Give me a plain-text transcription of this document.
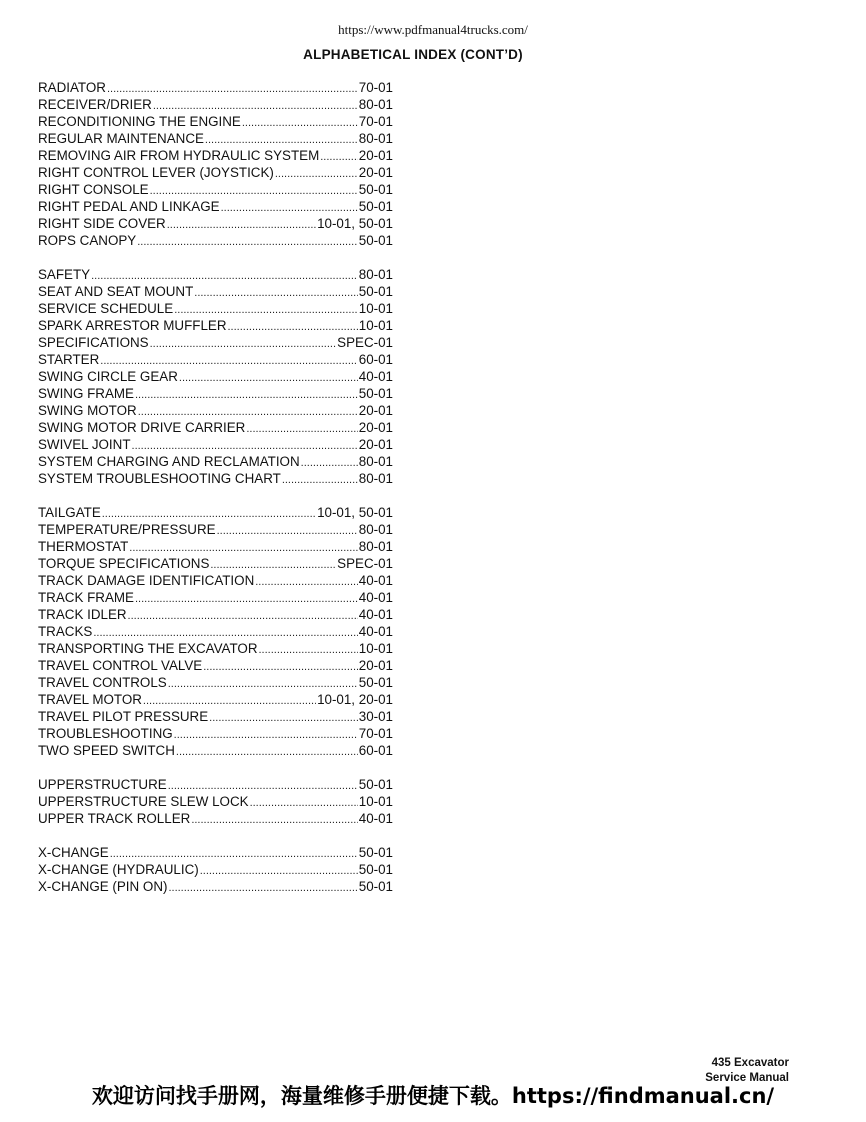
https://www.pdfmanual4trucks.com/
ALPHABETICAL INDEX (CONT’D)
RADIATOR .....	70-01
RECEIVER/DRIER .....	80-01
RECONDITIONING THE ENGINE .....	70-01
REGULAR MAINTENANCE .....	80-01
REMOVING AIR FROM HYDRAULIC SYSTEM .....	20-01
RIGHT CONTROL LEVER (JOYSTICK) .....	20-01
RIGHT CONSOLE .....	50-01
RIGHT PEDAL AND LINKAGE .....	50-01
RIGHT SIDE COVER .....	10-01, 50-01
ROPS CANOPY .....	50-01
SAFETY .....	80-01
SEAT AND SEAT MOUNT .....	50-01
SERVICE SCHEDULE .....	10-01
SPARK ARRESTOR MUFFLER .....	10-01
SPECIFICATIONS .....	SPEC-01
STARTER .....	60-01
SWING CIRCLE GEAR .....	40-01
SWING FRAME .....	50-01
SWING MOTOR .....	20-01
SWING MOTOR DRIVE CARRIER .....	20-01
SWIVEL JOINT .....	20-01
SYSTEM CHARGING AND RECLAMATION .....	80-01
SYSTEM TROUBLESHOOTING CHART .....	80-01
TAILGATE .....	10-01, 50-01
TEMPERATURE/PRESSURE .....	80-01
THERMOSTAT .....	80-01
TORQUE SPECIFICATIONS .....	SPEC-01
TRACK DAMAGE IDENTIFICATION .....	40-01
TRACK FRAME .....	40-01
TRACK IDLER .....	40-01
TRACKS .....	40-01
TRANSPORTING THE EXCAVATOR .....	10-01
TRAVEL CONTROL VALVE .....	20-01
TRAVEL CONTROLS .....	50-01
TRAVEL MOTOR .....	10-01, 20-01
TRAVEL PILOT PRESSURE .....	30-01
TROUBLESHOOTING .....	70-01
TWO SPEED SWITCH .....	60-01
UPPERSTRUCTURE .....	50-01
UPPERSTRUCTURE SLEW LOCK .....	10-01
UPPER TRACK ROLLER .....	40-01
X-CHANGE .....	50-01
X-CHANGE (HYDRAULIC) .....	50-01
X-CHANGE (PIN ON) .....	50-01
435 Excavator
Service Manual
欢迎访问找手册网，海量维修手册便捷下载。https://findmanual.cn/
